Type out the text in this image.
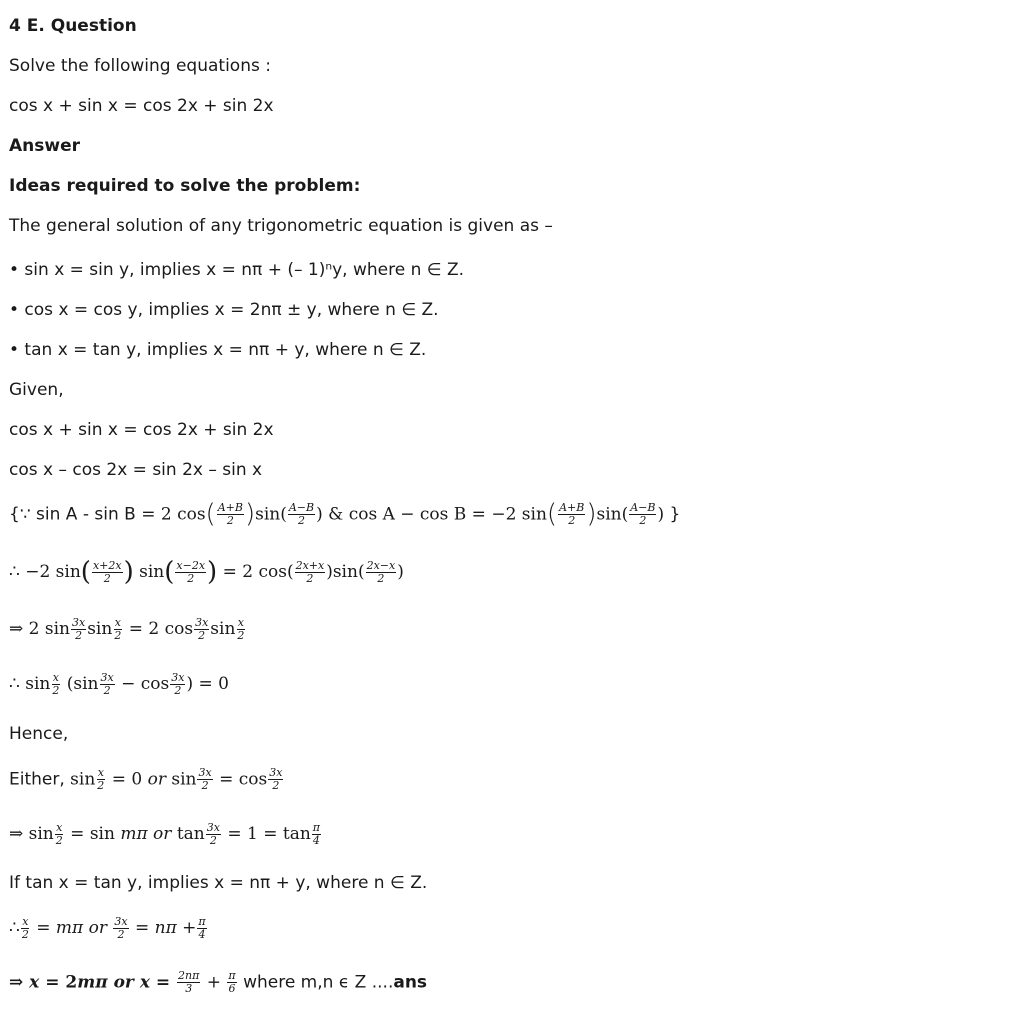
4 E. Question
Solve the following equations :
cos x + sin x = cos 2x + sin 2x
Answer
Ideas required to solve the problem:
The general solution of any trigonometric equation is given as –
• sin x = sin y, implies x = nπ + (– 1)ⁿy, where n ∈ Z.
• cos x = cos y, implies x = 2nπ ± y, where n ∈ Z.
• tan x = tan y, implies x = nπ + y, where n ∈ Z.
Given,
cos x + sin x = cos 2x + sin 2x
cos x – cos 2x = sin 2x – sin x
{∵ sin A - sin B = 2 $\cos( \frac{A+B}{2} )\sin( \frac{A-B}{2}$ ) & cos A − cos B = −2 $\sin( \frac{A+B}{2} )\sin( \frac{A-B}{2}$ ) }
∴ −2 $\sin( \frac{x+2x}{2}$ ) $\sin( \frac{x-2x}{2}$ ) = 2 $\cos( \frac{2x+x}{2} )\sin( \frac{2x-x}{2}$ )
⇒ 2 $\sin \frac{3x}{2}$ $\sin \frac{x}{2} = 2$ $\cos \frac{3x}{2}$ $\sin \frac{x}{2}$
∴ $\sin \frac{x}{2} (\sin \frac{3x}{2} - \cos \frac{3x}{2}$ ) = 0
Hence,
Either, $\sin \frac{x}{2} = 0$ or $\sin \frac{3x}{2} = \cos \frac{3x}{2}$
⇒ $\sin \frac{x}{2} = \sin m\pi$ or $\tan \frac{3x}{2} = 1 = \tan \frac{\pi}{4}$
If tan x = tan y, implies x = nπ + y, where n ∈ Z.
∴ $\frac{x}{2} = m\pi$ or $\frac{3x}{2} = n\pi + \frac{\pi}{4}$
⇒ x = 2mπ or $x = \frac{2n\pi}{3} + \frac{\pi}{6}$ where m,n ϵ Z ....ans
